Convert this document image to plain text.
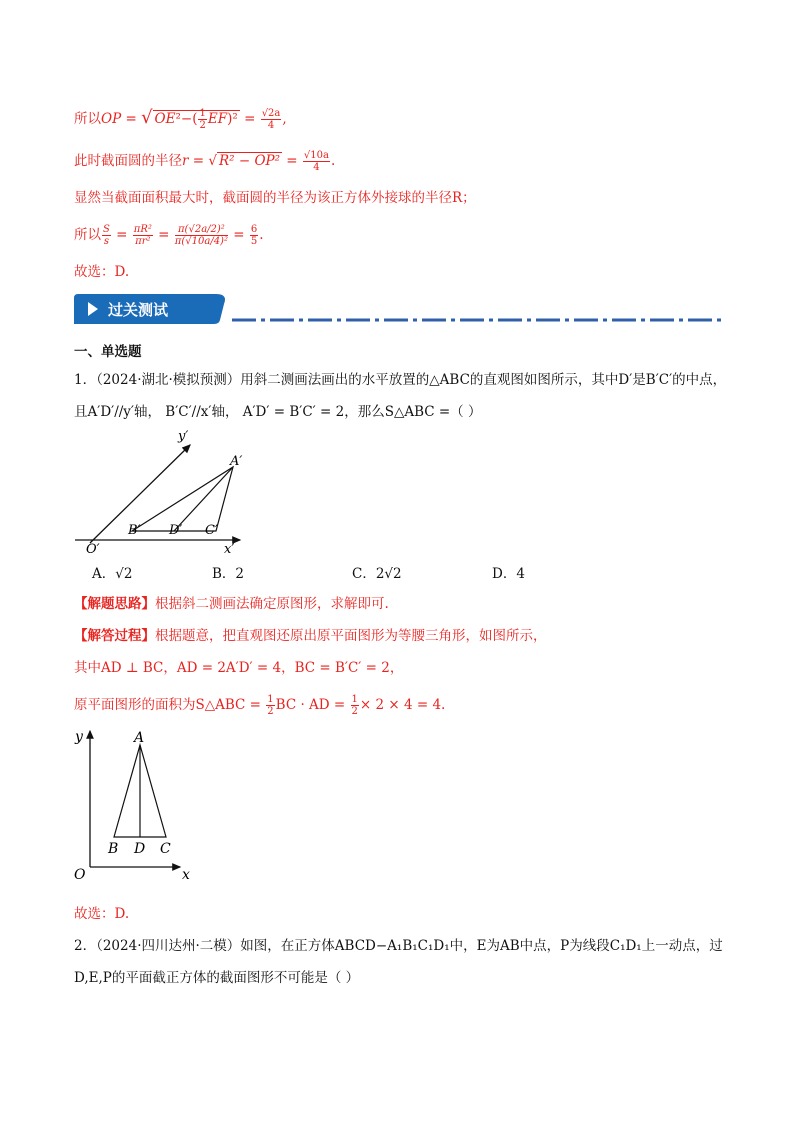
所以OP = √ $OE^2-( \frac{1}{2} EF)^2 = \frac{√2a}{4}$ ,
此时截面圆的半径r = √ $R^2 - OP^2 = \frac{√10a}{4}$ .
显然当截面面积最大时，截面圆的半径为该正方体外接球的半径R；
所以 $\frac{S}{s} = \frac{\text{πR²}}{\text{πr²}} = \frac{\text{π(√2a/2)²}}{\text{π(√10a/4)²}} = \frac{6}{5}$ .
故选：D.
过关测试
一、单选题
1．（2024·湖北·模拟预测）用斜二测画法画出的水平放置的△ABC的直观图如图所示，其中D′是B′C′的中点，
且A′D′//y′轴， B′C′//x′轴， A′D′ = B′C′ = 2，那么S△ABC =（ ）
y′
x′
O′
A′
B′ D′ C′
A．√2	B．2	C．2√2	D．4
【解题思路】根据斜二测画法确定原图形，求解即可.
【解答过程】根据题意，把直观图还原出原平面图形为等腰三角形，如图所示，
其中AD ⊥ BC，AD = 2A′D′ = 4，BC = B′C′ = 2，
原平面图形的面积为S△ABC = $\frac{1}{2}$ BC · AD = $\frac{1}{2} \times 2 \times 4 = 4$.
y
x
O
A
B D C
故选：D.
2．（2024·四川达州·二模）如图，在正方体ABCD−A₁B₁C₁D₁中，E为AB中点，P为线段C₁D₁上一动点，过
D,E,P的平面截正方体的截面图形不可能是（ ）
